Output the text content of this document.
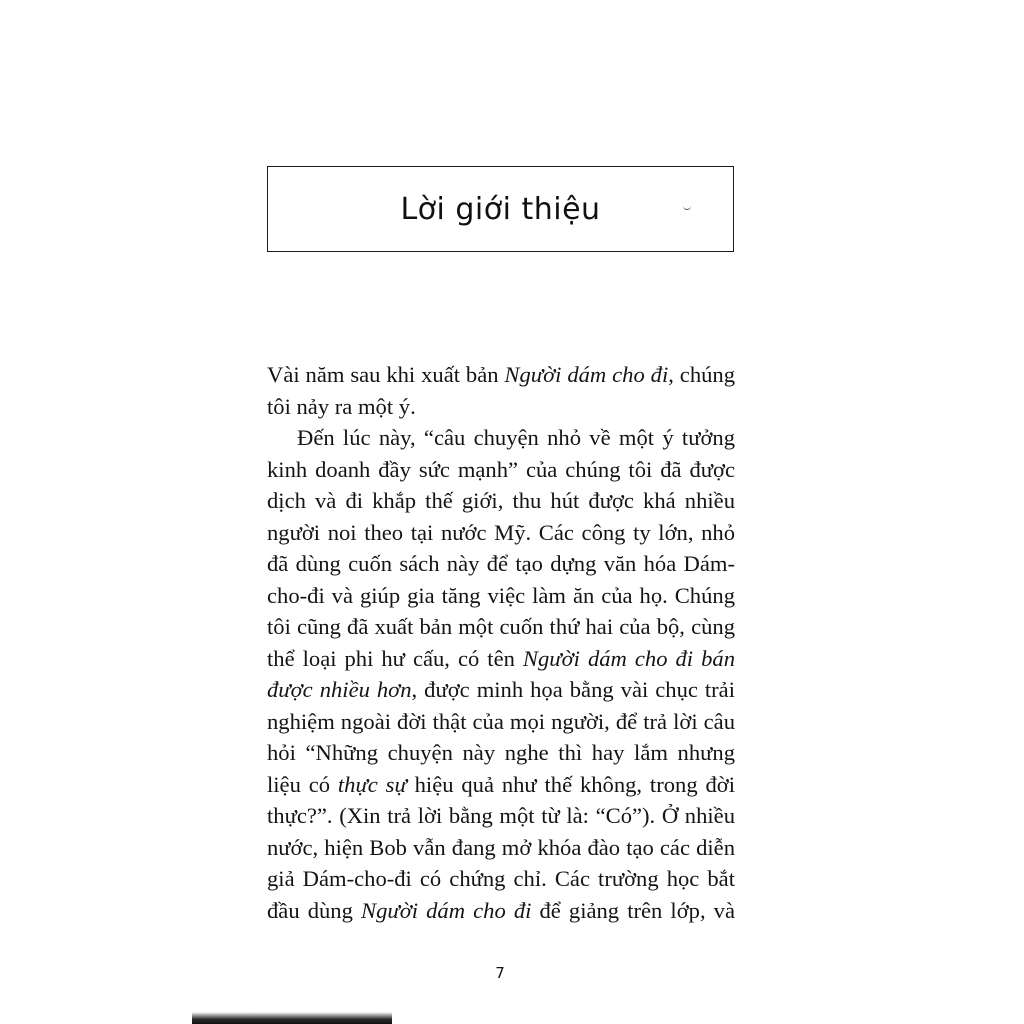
Lời giới thiệu
Vài năm sau khi xuất bản Người dám cho đi, chúng
tôi nảy ra một ý.
Đến lúc này, “câu chuyện nhỏ về một ý tưởng
kinh doanh đầy sức mạnh” của chúng tôi đã được
dịch và đi khắp thế giới, thu hút được khá nhiều
người noi theo tại nước Mỹ. Các công ty lớn, nhỏ
đã dùng cuốn sách này để tạo dựng văn hóa Dám-
cho-đi và giúp gia tăng việc làm ăn của họ. Chúng
tôi cũng đã xuất bản một cuốn thứ hai của bộ, cùng
thể loại phi hư cấu, có tên Người dám cho đi bán
được nhiều hơn, được minh họa bằng vài chục trải
nghiệm ngoài đời thật của mọi người, để trả lời câu
hỏi “Những chuyện này nghe thì hay lắm nhưng
liệu có thực sự hiệu quả như thế không, trong đời
thực?”. (Xin trả lời bằng một từ là: “Có”). Ở nhiều
nước, hiện Bob vẫn đang mở khóa đào tạo các diễn
giả Dám-cho-đi có chứng chỉ. Các trường học bắt
đầu dùng Người dám cho đi để giảng trên lớp, và
7
